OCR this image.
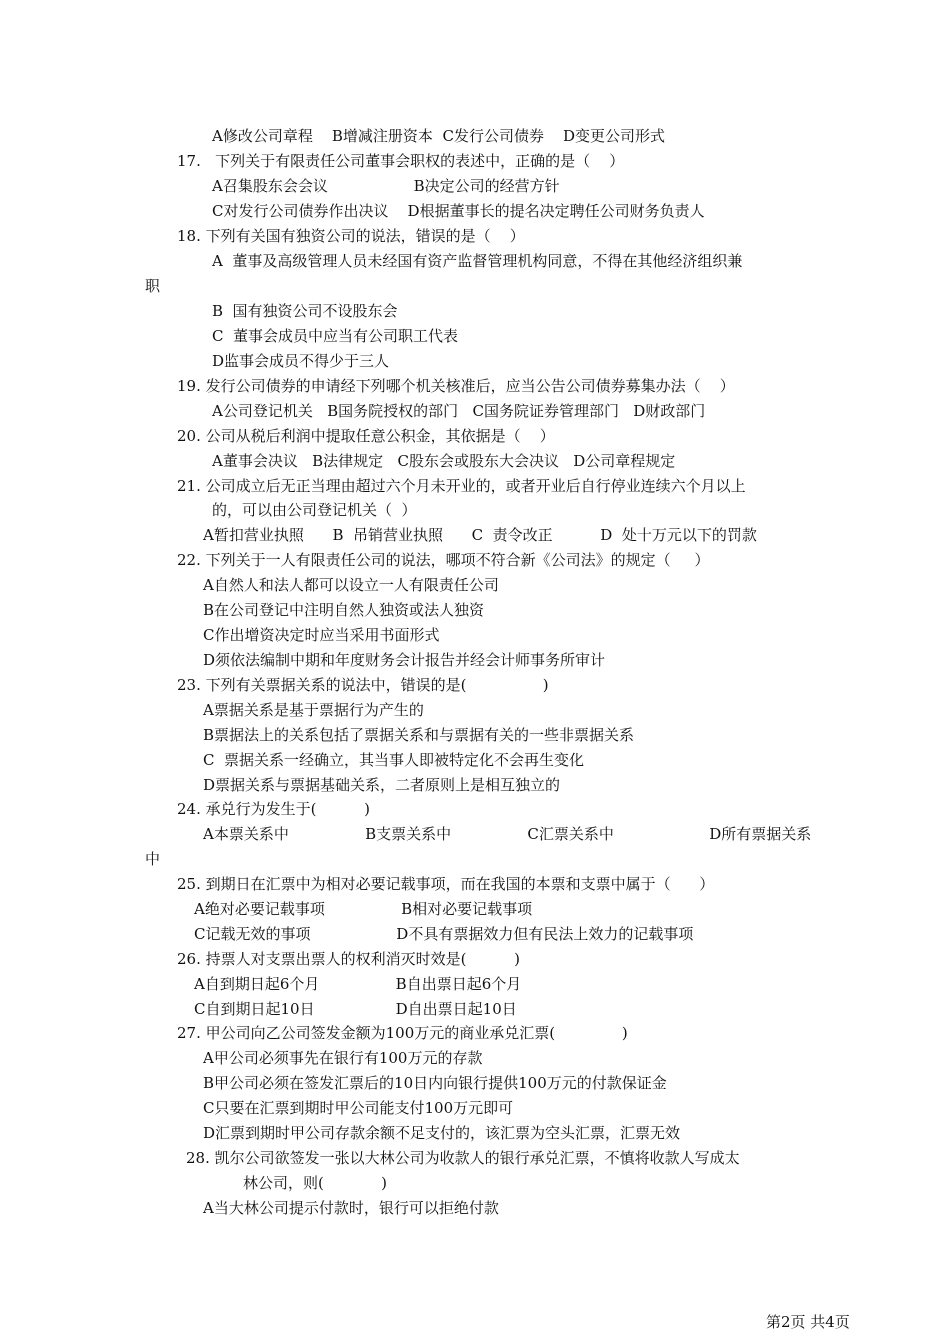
A修改公司章程    B增减注册资本  C发行公司债券    D变更公司形式
17.   下列关于有限责任公司董事会职权的表述中，正确的是（    ）
A召集股东会会议                  B决定公司的经营方针
C对发行公司债券作出决议    D根据董事长的提名决定聘任公司财务负责人
18. 下列有关国有独资公司的说法，错误的是（    ）
A  董事及高级管理人员未经国有资产监督管理机构同意，不得在其他经济组织兼
职
B  国有独资公司不设股东会
C  董事会成员中应当有公司职工代表
D监事会成员不得少于三人
19. 发行公司债券的申请经下列哪个机关核准后，应当公告公司债券募集办法（    ）
A公司登记机关   B国务院授权的部门   C国务院证券管理部门   D财政部门
20. 公司从税后利润中提取任意公积金，其依据是（    ）
A董事会决议   B法律规定   C股东会或股东大会决议   D公司章程规定
21. 公司成立后无正当理由超过六个月未开业的，或者开业后自行停业连续六个月以上
的，可以由公司登记机关（  ）
A暂扣营业执照      B  吊销营业执照      C  责令改正          D  处十万元以下的罚款
22. 下列关于一人有限责任公司的说法，哪项不符合新《公司法》的规定（     ）
A自然人和法人都可以设立一人有限责任公司
B在公司登记中注明自然人独资或法人独资
C作出增资决定时应当采用书面形式
D须依法编制中期和年度财务会计报告并经会计师事务所审计
23. 下列有关票据关系的说法中，错误的是(                )
A票据关系是基于票据行为产生的
B票据法上的关系包括了票据关系和与票据有关的一些非票据关系
C  票据关系一经确立，其当事人即被特定化不会再生变化
D票据关系与票据基础关系，二者原则上是相互独立的
24. 承兑行为发生于(          )
A本票关系中                B支票关系中                C汇票关系中                    D所有票据关系
中
25. 到期日在汇票中为相对必要记载事项，而在我国的本票和支票中属于（      ）
A绝对必要记载事项                B相对必要记载事项
C记载无效的事项                  D不具有票据效力但有民法上效力的记载事项
26. 持票人对支票出票人的权利消灭时效是(          )
A自到期日起6个月                B自出票日起6个月
C自到期日起10日                 D自出票日起10日
27. 甲公司向乙公司签发金额为100万元的商业承兑汇票(              )
A甲公司必须事先在银行有100万元的存款
B甲公司必须在签发汇票后的10日内向银行提供100万元的付款保证金
C只要在汇票到期时甲公司能支付100万元即可
D汇票到期时甲公司存款余额不足支付的，该汇票为空头汇票，汇票无效
28. 凯尔公司欲签发一张以大林公司为收款人的银行承兑汇票，不慎将收款人写成太
林公司，则(            )
A当大林公司提示付款时，银行可以拒绝付款
第2页 共4页
